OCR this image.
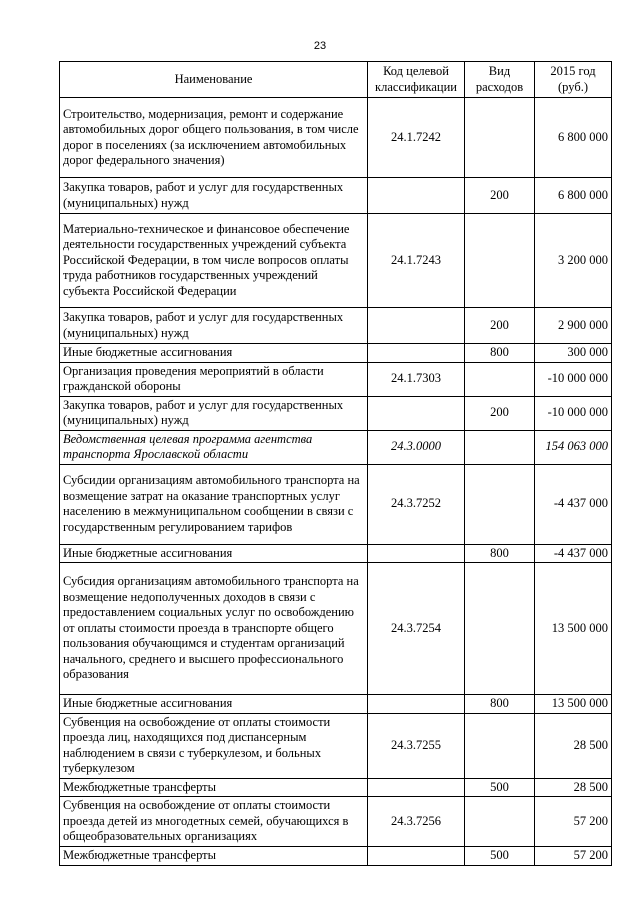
23
Наименование	Код целевой классификации	Вид расходов	2015 год (руб.)
Строительство, модернизация, ремонт и содержание автомобильных дорог общего пользования, в том числе дорог в поселениях (за исключением автомобильных дорог федерального значения)	24.1.7242		6 800 000
Закупка товаров, работ и услуг для государственных (муниципальных) нужд		200	6 800 000
Материально-техническое и финансовое обеспечение деятельности государственных учреждений субъекта Российской Федерации, в том числе вопросов оплаты труда работников государственных учреждений субъекта Российской Федерации	24.1.7243		3 200 000
Закупка товаров, работ и услуг для государственных (муниципальных) нужд		200	2 900 000
Иные бюджетные ассигнования		800	300 000
Организация проведения мероприятий в области гражданской обороны	24.1.7303		-10 000 000
Закупка товаров, работ и услуг для государственных (муниципальных) нужд		200	-10 000 000
Ведомственная целевая программа агентства транспорта Ярославской области	24.3.0000		154 063 000
Субсидии организациям автомобильного транспорта на возмещение затрат на оказание транспортных услуг населению в межмуниципальном сообщении в связи с государственным регулированием тарифов	24.3.7252		-4 437 000
Иные бюджетные ассигнования		800	-4 437 000
Субсидия организациям автомобильного транспорта на возмещение недополученных доходов в связи с предоставлением социальных услуг по освобождению от оплаты стоимости проезда в транспорте общего пользования обучающимся и студентам организаций начального, среднего и высшего профессионального образования	24.3.7254		13 500 000
Иные бюджетные ассигнования		800	13 500 000
Субвенция на освобождение от оплаты стоимости проезда лиц, находящихся под диспансерным наблюдением в связи с туберкулезом, и больных туберкулезом	24.3.7255		28 500
Межбюджетные трансферты		500	28 500
Субвенция на освобождение от оплаты стоимости проезда детей из многодетных семей, обучающихся в общеобразовательных организациях	24.3.7256		57 200
Межбюджетные трансферты		500	57 200
